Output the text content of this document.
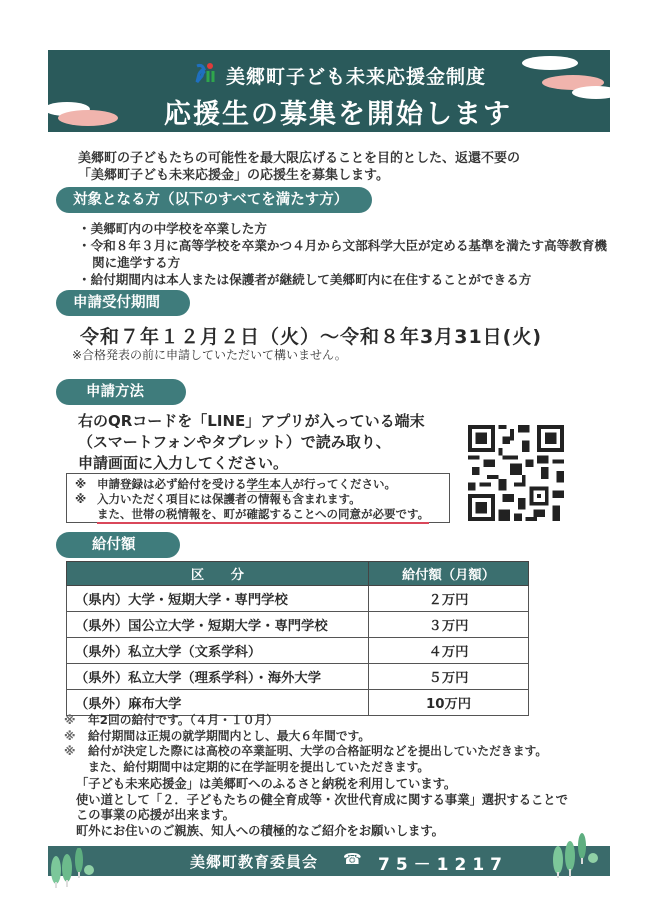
美郷町子ども未来応援金制度
応援生の募集を開始します
美郷町の子どもたちの可能性を最大限広げることを目的とした、返還不要の
「美郷町子ども未来応援金」の応援生を募集します。
対象となる方（以下のすべてを満たす方）
・美郷町内の中学校を卒業した方
・令和８年３月に高等学校を卒業かつ４月から文部科学大臣が定める基準を満たす高等教育機関に進学する方
・給付期間内は本人または保護者が継続して美郷町内に在住することができる方
申請受付期間
令和７年１２月２日（火）～令和８年3月31日(火)
※合格発表の前に申請していただいて構いません。
申請方法
右のQRコードを「LINE」アプリが入っている端末
（スマートフォンやタブレット）で読み取り、
申請画面に入力してください。
※ 申請登録は必ず給付を受ける学生本人が行ってください。
※ 入力いただく項目には保護者の情報も含まれます。
また、世帯の税情報を、町が確認することへの同意が必要です。
給付額
区　　分	給付額（月額）
（県内）大学・短期大学・専門学校	２万円
（県外）国公立大学・短期大学・専門学校	３万円
（県外）私立大学（文系学科）	４万円
（県外）私立大学（理系学科）・海外大学	５万円
（県外）麻布大学	10万円
※	年2回の給付です。（４月・１０月）
※	給付期間は正規の就学期間内とし、最大６年間です。
※	給付が決定した際には高校の卒業証明、大学の合格証明などを提出していただきます。
また、給付期間中は定期的に在学証明を提出していただきます。
「子ども未来応援金」は美郷町へのふるさと納税を利用しています。
使い道として「２．子どもたちの健全育成等・次世代育成に関する事業」選択することで
この事業の応援が出来ます。
町外にお住いのご親族、知人への積極的なご紹介をお願いします。
美郷町教育委員会 ☎ 75－1217
